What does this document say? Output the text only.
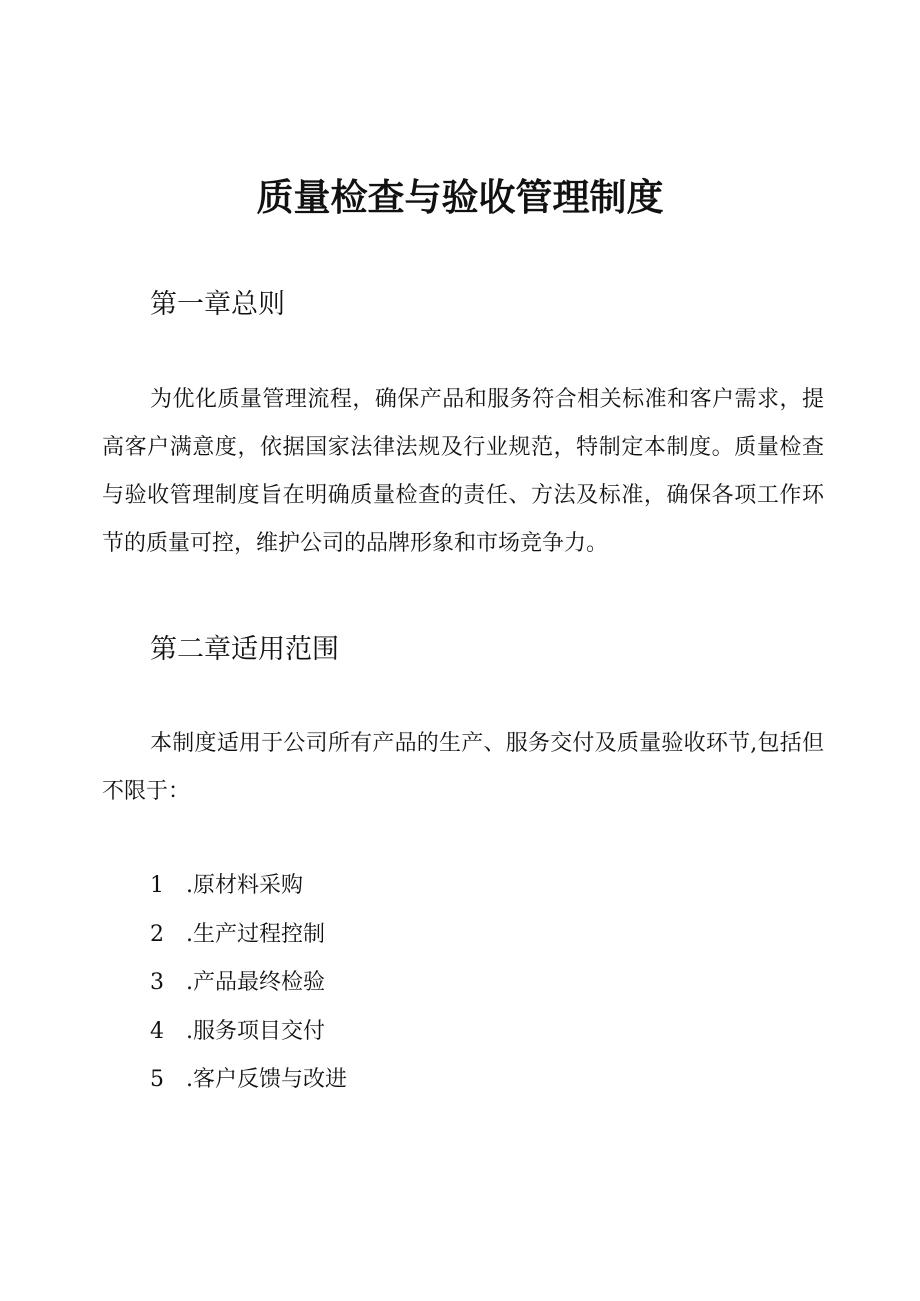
质量检查与验收管理制度
第一章总则

为优化质量管理流程，确保产品和服务符合相关标准和客户需求，提高客户满意度，依据国家法律法规及行业规范，特制定本制度。质量检查与验收管理制度旨在明确质量检查的责任、方法及标准，确保各项工作环节的质量可控，维护公司的品牌形象和市场竞争力。

第二章适用范围

本制度适用于公司所有产品的生产、服务交付及质量验收环节,包括但不限于：

1 .原材料采购
2 .生产过程控制
3 .产品最终检验
4 .服务项目交付
5 .客户反馈与改进
